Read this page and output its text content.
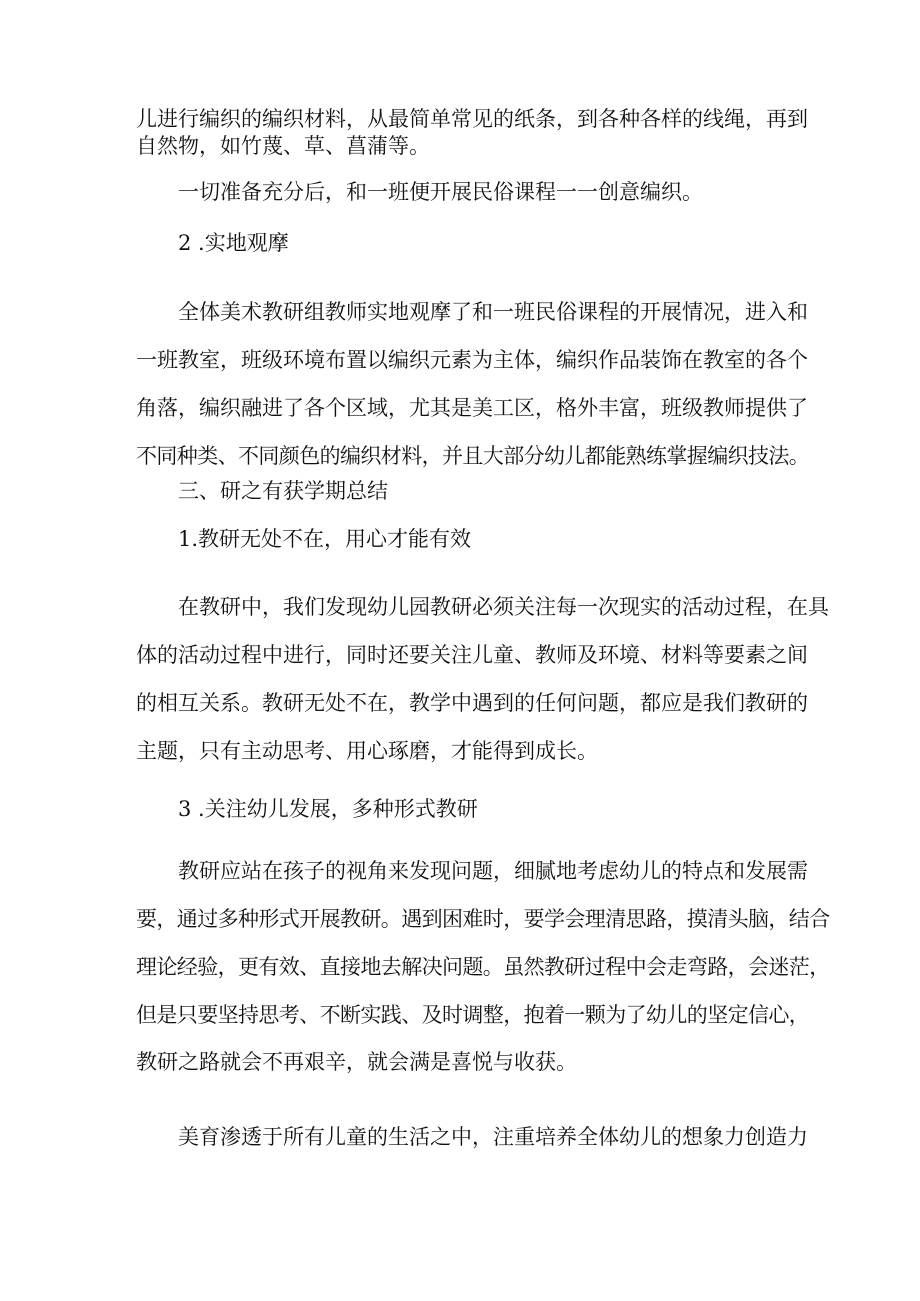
儿进行编织的编织材料，从最简单常见的纸条，到各种各样的线绳，再到
自然物，如竹蔑、草、菖蒲等。
一切准备充分后，和一班便开展民俗课程一一创意编织。
2 .实地观摩
全体美术教研组教师实地观摩了和一班民俗课程的开展情况，进入和
一班教室，班级环境布置以编织元素为主体，编织作品装饰在教室的各个
角落，编织融进了各个区域，尤其是美工区，格外丰富，班级教师提供了
不同种类、不同颜色的编织材料，并且大部分幼儿都能熟练掌握编织技法。
三、研之有获学期总结
1.教研无处不在，用心才能有效
在教研中，我们发现幼儿园教研必须关注每一次现实的活动过程，在具
体的活动过程中进行，同时还要关注儿童、教师及环境、材料等要素之间
的相互关系。教研无处不在，教学中遇到的任何问题，都应是我们教研的
主题，只有主动思考、用心琢磨，才能得到成长。
3 .关注幼儿发展，多种形式教研
教研应站在孩子的视角来发现问题，细腻地考虑幼儿的特点和发展需
要，通过多种形式开展教研。遇到困难时，要学会理清思路，摸清头脑，结合
理论经验，更有效、直接地去解决问题。虽然教研过程中会走弯路，会迷茫，
但是只要坚持思考、不断实践、及时调整，抱着一颗为了幼儿的坚定信心，
教研之路就会不再艰辛，就会满是喜悦与收获。
美育渗透于所有儿童的生活之中，注重培养全体幼儿的想象力创造力
